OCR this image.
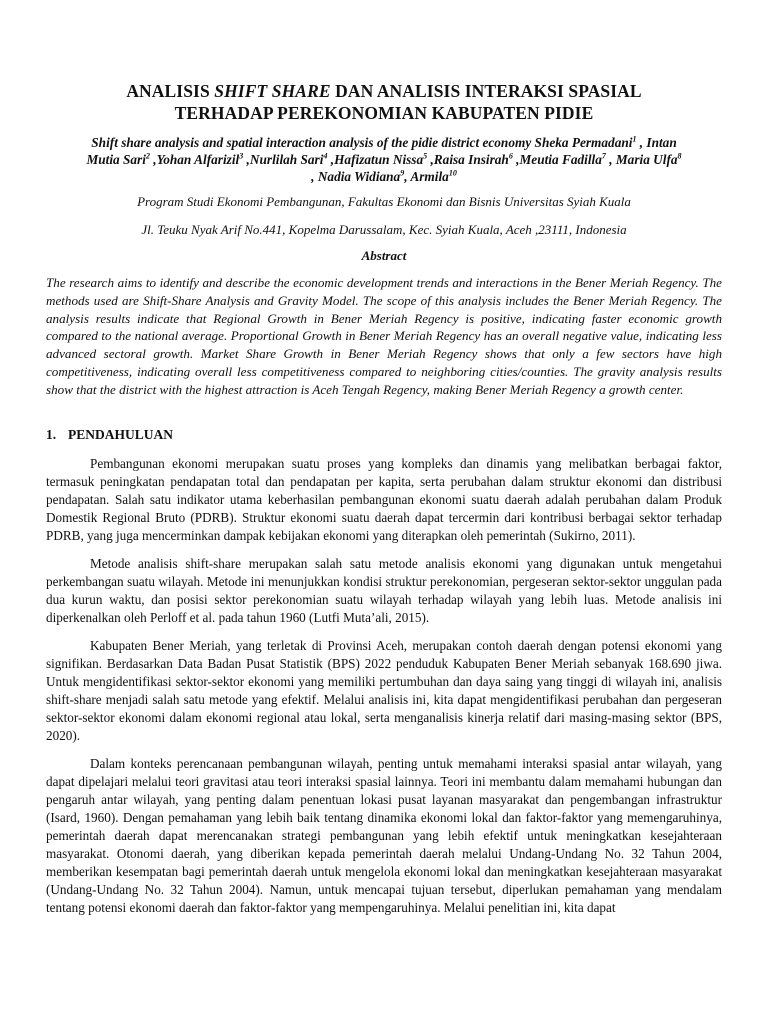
ANALISIS SHIFT SHARE DAN ANALISIS INTERAKSI SPASIAL
TERHADAP PEREKONOMIAN KABUPATEN PIDIE
Shift share analysis and spatial interaction analysis of the pidie district economy Sheka Permadani$^1$ , Intan
Mutia Sari$^2$ ,Yohan Alfarizil$^3$ ,Nurlilah Sari$^4$ ,Hafizatun Nissa$^5$ ,Raisa Insirah$^6$ ,Meutia Fadilla$^7$ , Maria Ulfa$^8$
, Nadia Widiana$^9$, Armila$^{10}$
Program Studi Ekonomi Pembangunan, Fakultas Ekonomi dan Bisnis Universitas Syiah Kuala
Jl. Teuku Nyak Arif No.441, Kopelma Darussalam, Kec. Syiah Kuala, Aceh ,23111, Indonesia
Abstract
The research aims to identify and describe the economic development trends and interactions in the Bener Meriah Regency. The methods used are Shift-Share Analysis and Gravity Model. The scope of this analysis includes the Bener Meriah Regency. The analysis results indicate that Regional Growth in Bener Meriah Regency is positive, indicating faster economic growth compared to the national average. Proportional Growth in Bener Meriah Regency has an overall negative value, indicating less advanced sectoral growth. Market Share Growth in Bener Meriah Regency shows that only a few sectors have high competitiveness, indicating overall less competitiveness compared to neighboring cities/counties. The gravity analysis results show that the district with the highest attraction is Aceh Tengah Regency, making Bener Meriah Regency a growth center.
1. PENDAHULUAN

Pembangunan ekonomi merupakan suatu proses yang kompleks dan dinamis yang melibatkan berbagai faktor, termasuk peningkatan pendapatan total dan pendapatan per kapita, serta perubahan dalam struktur ekonomi dan distribusi pendapatan. Salah satu indikator utama keberhasilan pembangunan ekonomi suatu daerah adalah perubahan dalam Produk Domestik Regional Bruto (PDRB). Struktur ekonomi suatu daerah dapat tercermin dari kontribusi berbagai sektor terhadap PDRB, yang juga mencerminkan dampak kebijakan ekonomi yang diterapkan oleh pemerintah (Sukirno, 2011).

Metode analisis shift-share merupakan salah satu metode analisis ekonomi yang digunakan untuk mengetahui perkembangan suatu wilayah. Metode ini menunjukkan kondisi struktur perekonomian, pergeseran sektor-sektor unggulan pada dua kurun waktu, dan posisi sektor perekonomian suatu wilayah terhadap wilayah yang lebih luas. Metode analisis ini diperkenalkan oleh Perloff et al. pada tahun 1960 (Lutfi Muta’ali, 2015).

Kabupaten Bener Meriah, yang terletak di Provinsi Aceh, merupakan contoh daerah dengan potensi ekonomi yang signifikan. Berdasarkan Data Badan Pusat Statistik (BPS) 2022 penduduk Kabupaten Bener Meriah sebanyak 168.690 jiwa. Untuk mengidentifikasi sektor-sektor ekonomi yang memiliki pertumbuhan dan daya saing yang tinggi di wilayah ini, analisis shift-share menjadi salah satu metode yang efektif. Melalui analisis ini, kita dapat mengidentifikasi perubahan dan pergeseran sektor-sektor ekonomi dalam ekonomi regional atau lokal, serta menganalisis kinerja relatif dari masing-masing sektor (BPS, 2020).

Dalam konteks perencanaan pembangunan wilayah, penting untuk memahami interaksi spasial antar wilayah, yang dapat dipelajari melalui teori gravitasi atau teori interaksi spasial lainnya. Teori ini membantu dalam memahami hubungan dan pengaruh antar wilayah, yang penting dalam penentuan lokasi pusat layanan masyarakat dan pengembangan infrastruktur (Isard, 1960). Dengan pemahaman yang lebih baik tentang dinamika ekonomi lokal dan faktor-faktor yang memengaruhinya, pemerintah daerah dapat merencanakan strategi pembangunan yang lebih efektif untuk meningkatkan kesejahteraan masyarakat. Otonomi daerah, yang diberikan kepada pemerintah daerah melalui Undang-Undang No. 32 Tahun 2004, memberikan kesempatan bagi pemerintah daerah untuk mengelola ekonomi lokal dan meningkatkan kesejahteraan masyarakat (Undang-Undang No. 32 Tahun 2004). Namun, untuk mencapai tujuan tersebut, diperlukan pemahaman yang mendalam tentang potensi ekonomi daerah dan faktor-faktor yang mempengaruhinya. Melalui penelitian ini, kita dapat
